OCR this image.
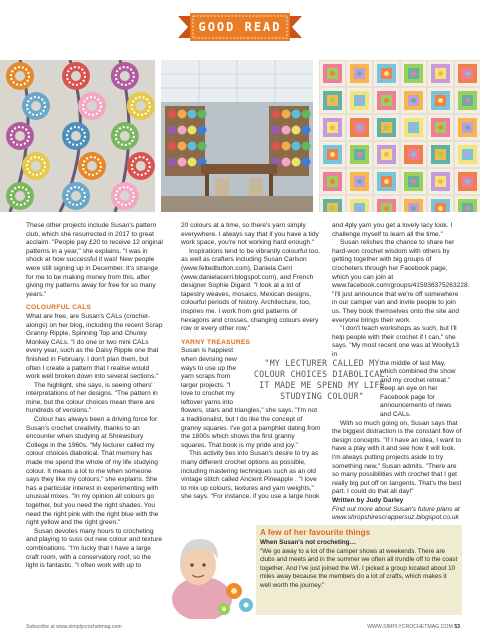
GOOD READ

These other projects include Susan's pattern club, which she resurrected in 2017 to great acclaim. "People pay £20 to receive 12 original patterns in a year," she explains. "I was in shock at how successful it was! New people were still signing up in December. It's strange for me to be making money from this, after giving my patterns away for free for so many years."

COLOURFUL CALS

What are free, are Susan's CALs (crochet-alongs) on her blog, including the recent Scrap Granny Ripple, Spinning Top and Chunky Monkey CALs. "I do one or two mini CALs every year, such as the Daisy Ripple one that finished in February. I don't plan them, but often I create a pattern that I realise would work well broken down into several sections."

The highlight, she says, is seeing others' interpretations of her designs. "The pattern in mine, but the colour choices mean there are hundreds of versions."

Colour has always been a driving force for Susan's crochet creativity, thanks to an encounter when studying at Shrewsbury College in the 1960s. "My lecturer called my colour choices diabolical. That memory has made me spend the whole of my life studying colour. It means a lot to me when someone says they like my colours," she explains. She has a particular interest in experimenting with unusual mixes. "In my opinion all colours go together, but you need the right shades. You need the right pink with the right blue with the right yellow and the right green."

Susan devotes many hours to crocheting and playing to suss out new colour and texture combinations. "I'm lucky that I have a large craft room, with a conservatory roof, so the light is fantastic. "I often work with up to

20 colours at a time, so there's yarn simply everywhere. I always say that if you have a tidy work space, you're not working hard enough."

Inspirations tend to be vibrantly colourful too, as well as crafters including Susan Carlson (www.feltedbutton.com), Daniela Cerri (www.danielacerri.blogspot.com), and French designer Sophie Digard. "I look at a lot of tapestry weaves, mosaics, Mexican designs, colourful periods of history. Architecture, too, inspires me. I work from grid patterns of hexagons and crosses, changing colours every row or every other row."

YARNY TREASURES

Susan is happiest when devising new ways to use up the yarn scraps from larger projects. "I love to crochet my leftover yarns into

flowers, stars and triangles," she says. "I'm not a traditionalist, but I do like the concept of granny squares. I've got a pamphlet dating from the 1800s which shows the first granny squares. That book is my pride and joy."

This activity ties into Susan's desire to try as many different crochet options as possible, including mastering techniques such as an old vintage stitch called Ancient Pineapple . "I love to mix up colours, textures and yarn weights," she says. "For instance, if you use a large hook

"MY LECTURER CALLED MY COLOUR CHOICES DIABOLICAL. IT MADE ME SPEND MY LIFE STUDYING COLOUR"

and 4ply yarn you get a lovely lacy look. I challenge myself to learn all the time."

Susan relishes the chance to share her hard-won crochet wisdom with others by getting together with big groups of crocheters through her Facebook page, which you can join at www.facebook.com/groups/415936375263228. "I'll just announce that we're off somewhere in our camper van and invite people to join us. They book themselves onto the site and everyone brings their work.

"I don't teach workshops as such, but I'll help people with their crochet if I can," she says. "My most recent one was at Woolly13 in

the middle of last May, which combined the show and my crochet retreat." Keep an eye on her Facebook page for announcements of news and CALs.

With so much going on, Susan says that the biggest distraction is the constant flow of design concepts. "If I have an idea, I want to have a play with it and see how it will look. I'm always putting projects aside to try something new," Susan admits. "There are so many possibilities with crochet that I get really big put off on tangents. That's the best part. I could do that all day!"

Written by Judy Darley

Find out more about Susan's future plans at www.shropshirescrappersuz.blogspot.co.uk

A few of her favourite things
When Susan's not crocheting…
"We go away to a lot of the camper shows at weekends. There are clubs and meets and in the summer we often all trundle off to the coast together. And I've just joined the WI. I picked a group located about 10 miles away because the members do a lot of crafts, which makes it well worth the journey."
Subscribe at www.simplycrochetmag.com	WWW.SIMPLYCROCHETMAG.COM 53
